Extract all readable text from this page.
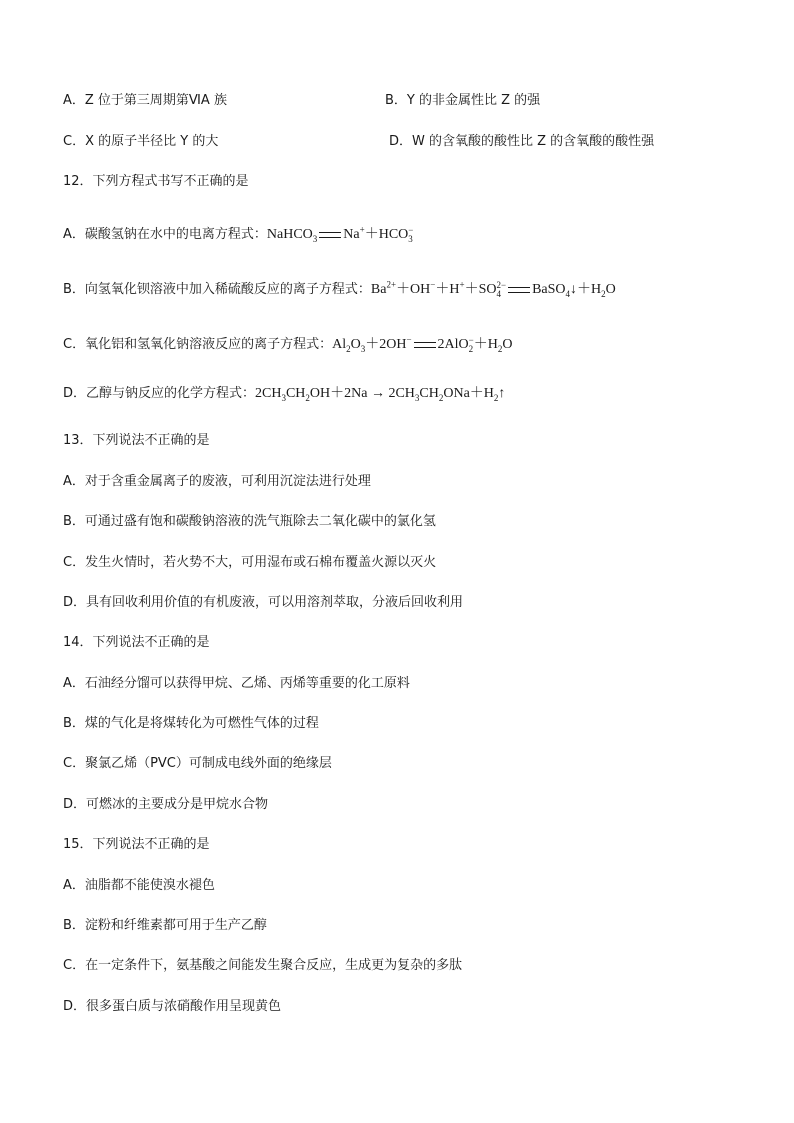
A．Z 位于第三周期第ⅥA 族	B．Y 的非金属性比 Z 的强
C．X 的原子半径比 Y 的大	D．W 的含氧酸的酸性比 Z 的含氧酸的酸性强
12．下列方程式书写不正确的是
A．碳酸氢钠在水中的电离方程式：NaHCO$_3$ Na+＋HCO −
3
B．向氢氧化钡溶液中加入稀硫酸反应的离子方程式：$Ba^{2+}+OH^-+H^++SO$ 2−
4	$BaSO_4↓+H_2O$
C．氧化铝和氢氧化钠溶液反应的离子方程式：$Al_2O_3+2OH^-$ 2AlO −
$2 +H_2O$
D．乙醇与钠反应的化学方程式：$2CH_3CH_2OH+2Na$ → $2CH_3CH_2ONa+H_2↑$
13．下列说法不正确的是
A．对于含重金属离子的废液，可利用沉淀法进行处理
B．可通过盛有饱和碳酸钠溶液的洗气瓶除去二氧化碳中的氯化氢
C．发生火情时，若火势不大，可用湿布或石棉布覆盖火源以灭火
D．具有回收利用价值的有机废液，可以用溶剂萃取，分液后回收利用
14．下列说法不正确的是
A．石油经分馏可以获得甲烷、乙烯、丙烯等重要的化工原料
B．煤的气化是将煤转化为可燃性气体的过程
C．聚氯乙烯（PVC）可制成电线外面的绝缘层
D．可燃冰的主要成分是甲烷水合物
15．下列说法不正确的是
A．油脂都不能使溴水褪色
B．淀粉和纤维素都可用于生产乙醇
C．在一定条件下，氨基酸之间能发生聚合反应，生成更为复杂的多肽
D．很多蛋白质与浓硝酸作用呈现黄色
